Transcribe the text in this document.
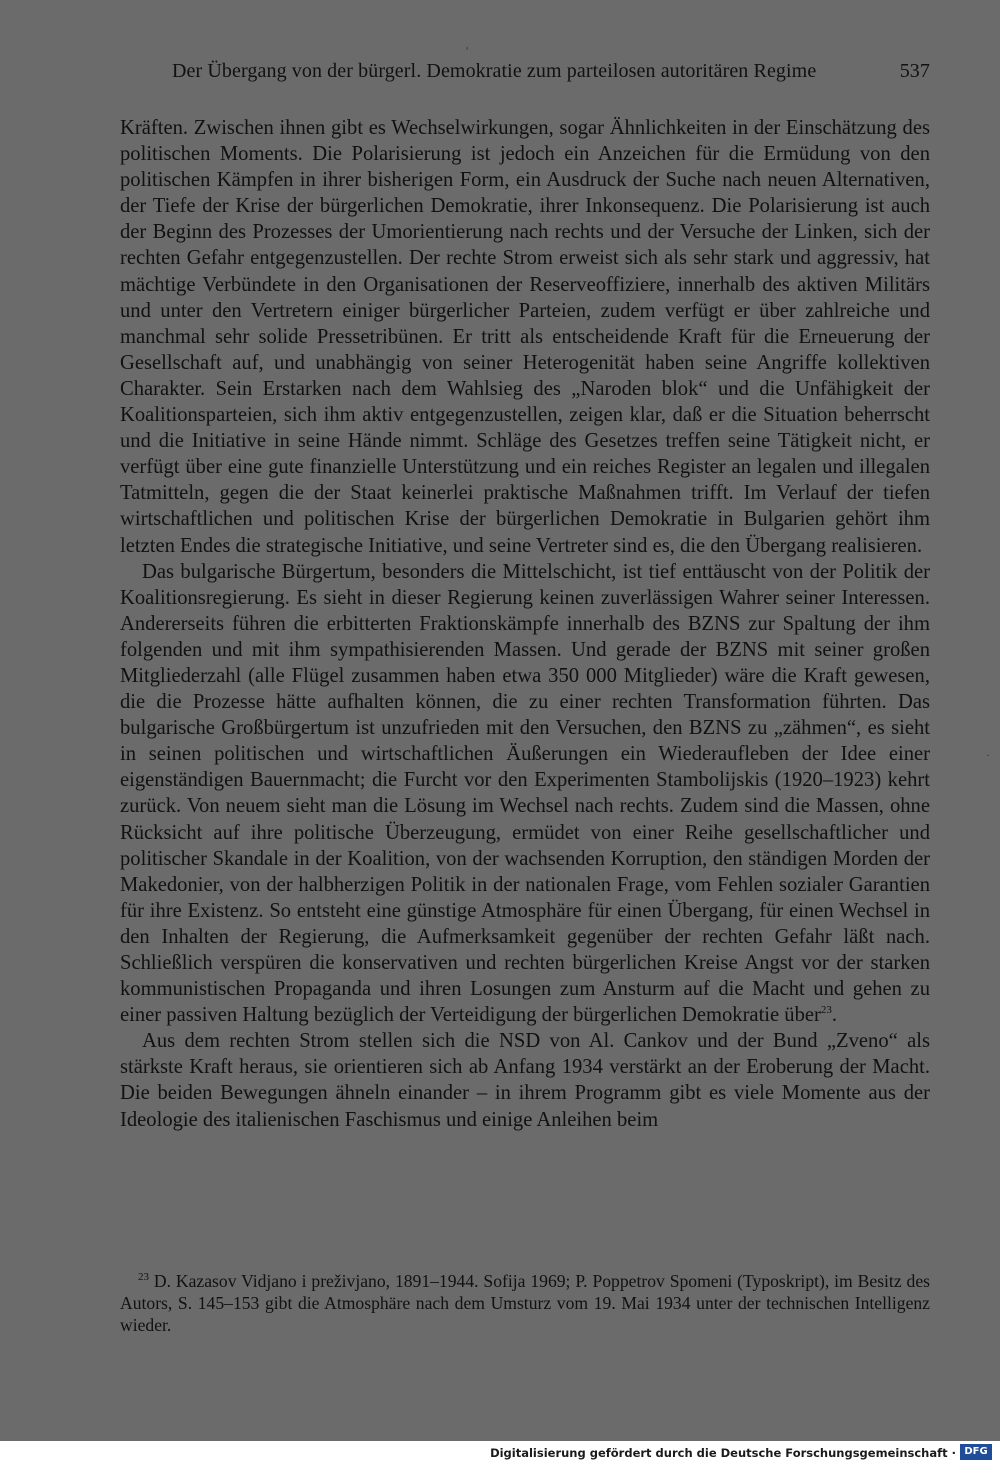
Der Übergang von der bürgerl. Demokratie zum parteilosen autoritären Regime	537

Kräften. Zwischen ihnen gibt es Wechselwirkungen, sogar Ähnlichkeiten in der Einschätzung des politischen Moments. Die Polarisierung ist jedoch ein Anzeichen für die Ermüdung von den politischen Kämpfen in ihrer bisherigen Form, ein Ausdruck der Suche nach neuen Alternativen, der Tiefe der Krise der bürgerlichen Demokratie, ihrer Inkonsequenz. Die Polarisierung ist auch der Beginn des Prozesses der Umorientierung nach rechts und der Versuche der Linken, sich der rechten Gefahr entgegenzustellen. Der rechte Strom erweist sich als sehr stark und aggressiv, hat mächtige Verbündete in den Organisationen der Reserveoffiziere, innerhalb des aktiven Militärs und unter den Vertretern einiger bürgerlicher Parteien, zudem verfügt er über zahlreiche und manchmal sehr solide Pressetribünen. Er tritt als entscheidende Kraft für die Erneuerung der Gesellschaft auf, und unabhängig von seiner Heterogenität haben seine Angriffe kollektiven Charakter. Sein Erstarken nach dem Wahlsieg des „Naroden blok“ und die Unfähigkeit der Koalitionsparteien, sich ihm aktiv entgegenzustellen, zeigen klar, daß er die Situation beherrscht und die Initiative in seine Hände nimmt. Schläge des Gesetzes treffen seine Tätigkeit nicht, er verfügt über eine gute finanzielle Unterstützung und ein reiches Register an legalen und illegalen Tatmitteln, gegen die der Staat keinerlei praktische Maßnahmen trifft. Im Verlauf der tiefen wirtschaftlichen und politischen Krise der bürgerlichen Demokratie in Bulgarien gehört ihm letzten Endes die strategische Initiative, und seine Vertreter sind es, die den Übergang realisieren.

Das bulgarische Bürgertum, besonders die Mittelschicht, ist tief enttäuscht von der Politik der Koalitionsregierung. Es sieht in dieser Regierung keinen zuverlässigen Wahrer seiner Interessen. Andererseits führen die erbitterten Fraktionskämpfe innerhalb des BZNS zur Spaltung der ihm folgenden und mit ihm sympathisierenden Massen. Und gerade der BZNS mit seiner großen Mitgliederzahl (alle Flügel zusammen haben etwa 350 000 Mitglieder) wäre die Kraft gewesen, die die Prozesse hätte aufhalten können, die zu einer rechten Transformation führten. Das bulgarische Großbürgertum ist unzufrieden mit den Versuchen, den BZNS zu „zähmen“, es sieht in seinen politischen und wirtschaftlichen Äußerungen ein Wiederaufleben der Idee einer eigenständigen Bauernmacht; die Furcht vor den Experimenten Stambolijskis (1920–1923) kehrt zurück. Von neuem sieht man die Lösung im Wechsel nach rechts. Zudem sind die Massen, ohne Rücksicht auf ihre politische Überzeugung, ermüdet von einer Reihe gesellschaftlicher und politischer Skandale in der Koalition, von der wachsenden Korruption, den ständigen Morden der Makedonier, von der halbherzigen Politik in der nationalen Frage, vom Fehlen sozialer Garantien für ihre Existenz. So entsteht eine günstige Atmosphäre für einen Übergang, für einen Wechsel in den Inhalten der Regierung, die Aufmerksamkeit gegenüber der rechten Gefahr läßt nach. Schließlich verspüren die konservativen und rechten bürgerlichen Kreise Angst vor der starken kommunistischen Propaganda und ihren Losungen zum Ansturm auf die Macht und gehen zu einer passiven Haltung bezüglich der Verteidigung der bürgerlichen Demokratie über$^{23}$.

Aus dem rechten Strom stellen sich die NSD von Al. Cankov und der Bund „Zveno“ als stärkste Kraft heraus, sie orientieren sich ab Anfang 1934 verstärkt an der Eroberung der Macht. Die beiden Bewegungen ähneln einander – in ihrem Programm gibt es viele Momente aus der Ideologie des italienischen Faschismus und einige Anleihen beim

$^{23}$ D. Kazasov Vidjano i preživjano, 1891–1944. Sofija 1969; P. Poppetrov Spomeni (Typoskript), im Besitz des Autors, S. 145–153 gibt die Atmosphäre nach dem Umsturz vom 19. Mai 1934 unter der technischen Intelligenz wieder.
ʹ
·
Digitalisierung gefördert durch die Deutsche Forschungsgemeinschaft · DFG
